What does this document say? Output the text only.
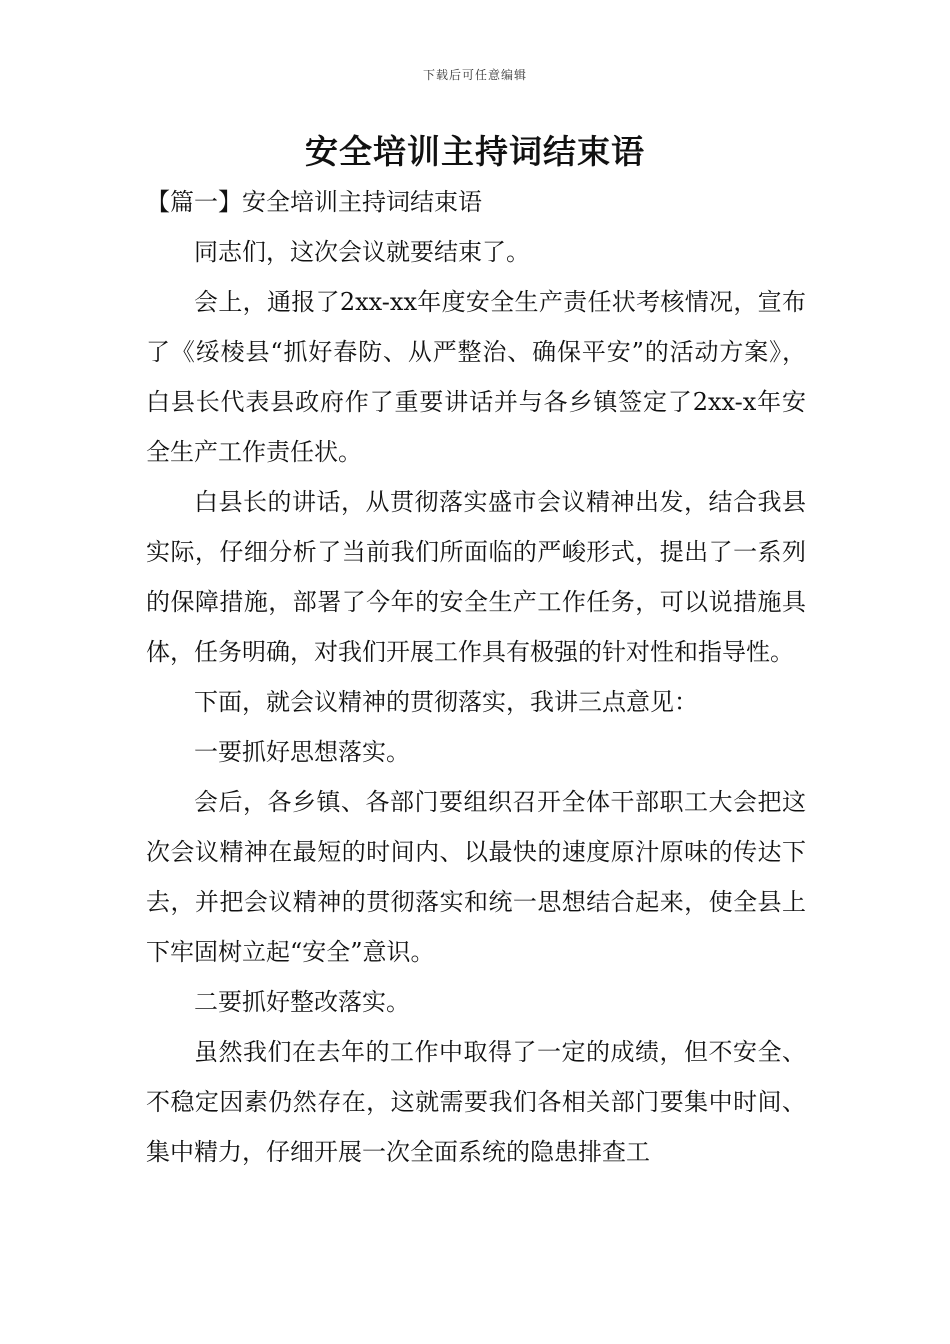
下载后可任意编辑
安全培训主持词结束语

【篇一】安全培训主持词结束语

同志们，这次会议就要结束了。

会上，通报了2xx-xx年度安全生产责任状考核情况，宣布了《绥棱县“抓好春防、从严整治、确保平安”的活动方案》，白县长代表县政府作了重要讲话并与各乡镇签定了2xx-x年安全生产工作责任状。

白县长的讲话，从贯彻落实盛市会议精神出发，结合我县实际，仔细分析了当前我们所面临的严峻形式，提出了一系列的保障措施，部署了今年的安全生产工作任务，可以说措施具体，任务明确，对我们开展工作具有极强的针对性和指导性。

下面，就会议精神的贯彻落实，我讲三点意见：

一要抓好思想落实。

会后，各乡镇、各部门要组织召开全体干部职工大会把这次会议精神在最短的时间内、以最快的速度原汁原味的传达下去，并把会议精神的贯彻落实和统一思想结合起来，使全县上下牢固树立起“安全”意识。

二要抓好整改落实。

虽然我们在去年的工作中取得了一定的成绩，但不安全、不稳定因素仍然存在，这就需要我们各相关部门要集中时间、集中精力，仔细开展一次全面系统的隐患排查工
